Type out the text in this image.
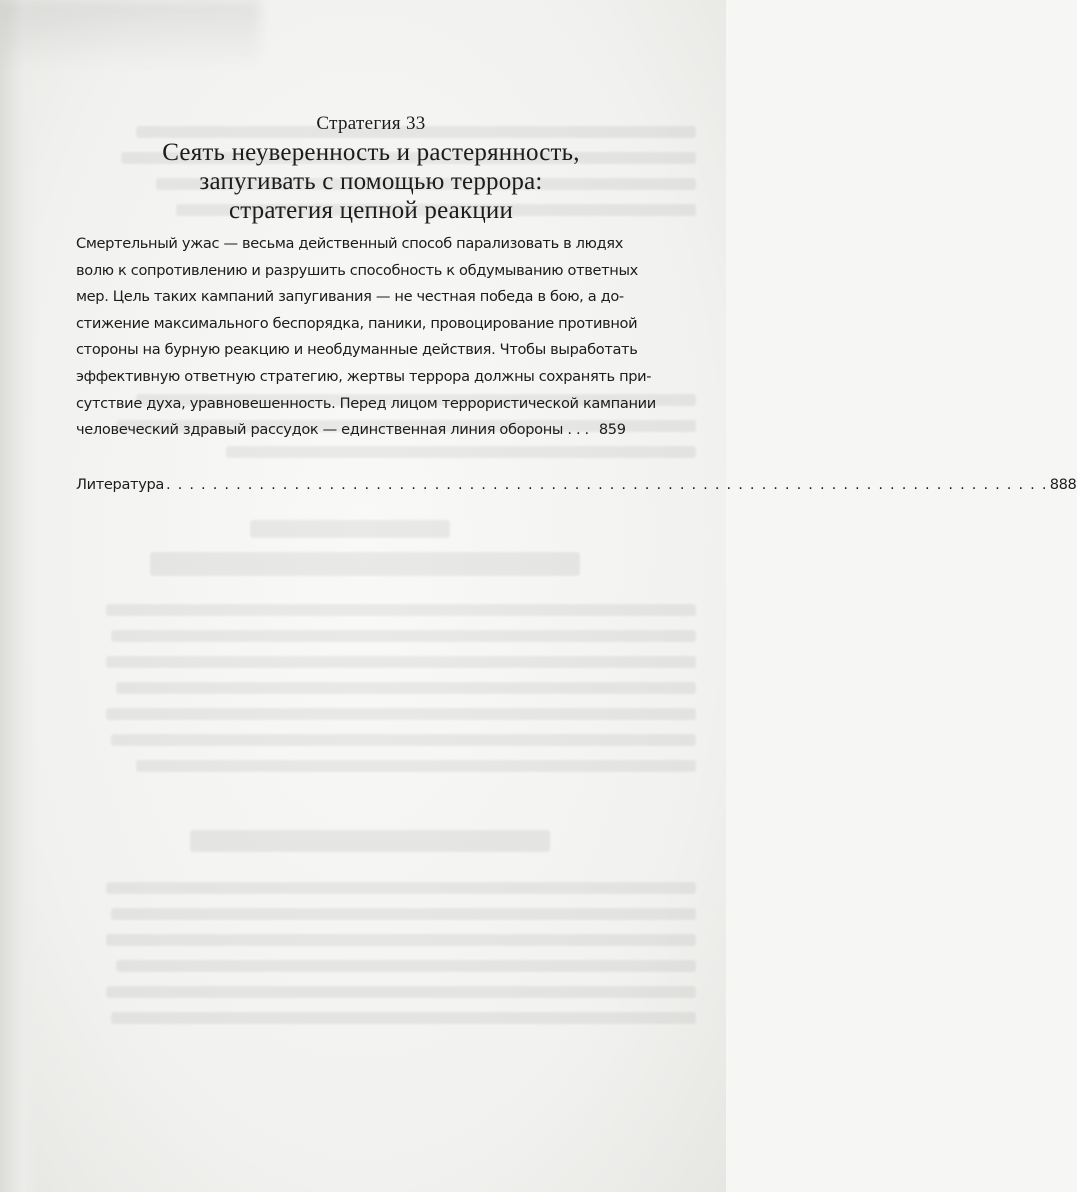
Стратегия 33
Сеять неуверенность и растерянность,
запугивать с помощью террора:
стратегия цепной реакции
Смертельный ужас — весьма действенный способ парализовать в людях
волю к сопротивлению и разрушить способность к обдумыванию ответных
мер. Цель таких кампаний запугивания — не честная победа в бою, а до-
стижение максимального беспорядка, паники, провоцирование противной
стороны на бурную реакцию и необдуманные действия. Чтобы выработать
эффективную ответную стратегию, жертвы террора должны сохранять при-
сутствие духа, уравновешенность. Перед лицом террористической кампании
человеческий здравый рассудок — единственная линия обороны . . . 859
Литература . . . . . . . . . . . . . . . . . . . . . . . . . . . . . . . . . . . . . . . . . . . . . . . . . . . . . . . . . . . . . . . . . . . . . . . . . . . . 888
